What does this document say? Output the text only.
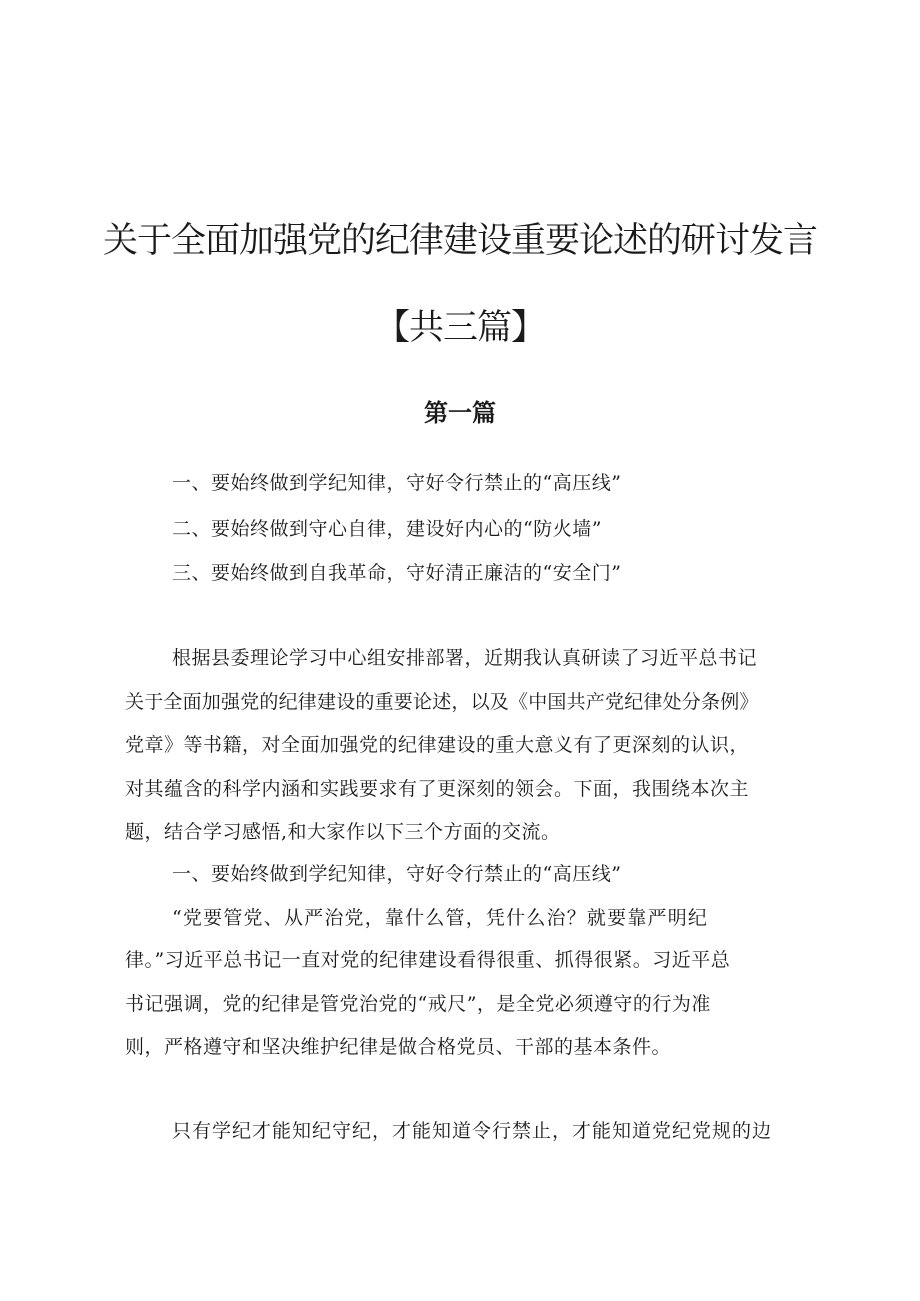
关于全面加强党的纪律建设重要论述的研讨发言
【共三篇】
第一篇

一、要始终做到学纪知律，守好令行禁止的“高压线”

二、要始终做到守心自律，建设好内心的“防火墙”

三、要始终做到自我革命，守好清正廉洁的“安全门”

根据县委理论学习中心组安排部署，近期我认真研读了习近平总书记

关于全面加强党的纪律建设的重要论述，以及《中国共产党纪律处分条例》

党章》等书籍，对全面加强党的纪律建设的重大意义有了更深刻的认识，

对其蕴含的科学内涵和实践要求有了更深刻的领会。下面，我围绕本次主

题，结合学习感悟,和大家作以下三个方面的交流。

一、要始终做到学纪知律，守好令行禁止的“高压线”

“党要管党、从严治党，靠什么管，凭什么治？就要靠严明纪

律。”习近平总书记一直对党的纪律建设看得很重、抓得很紧。习近平总

书记强调，党的纪律是管党治党的“戒尺”，是全党必须遵守的行为准

则，严格遵守和坚决维护纪律是做合格党员、干部的基本条件。

只有学纪才能知纪守纪，才能知道令行禁止，才能知道党纪党规的边
